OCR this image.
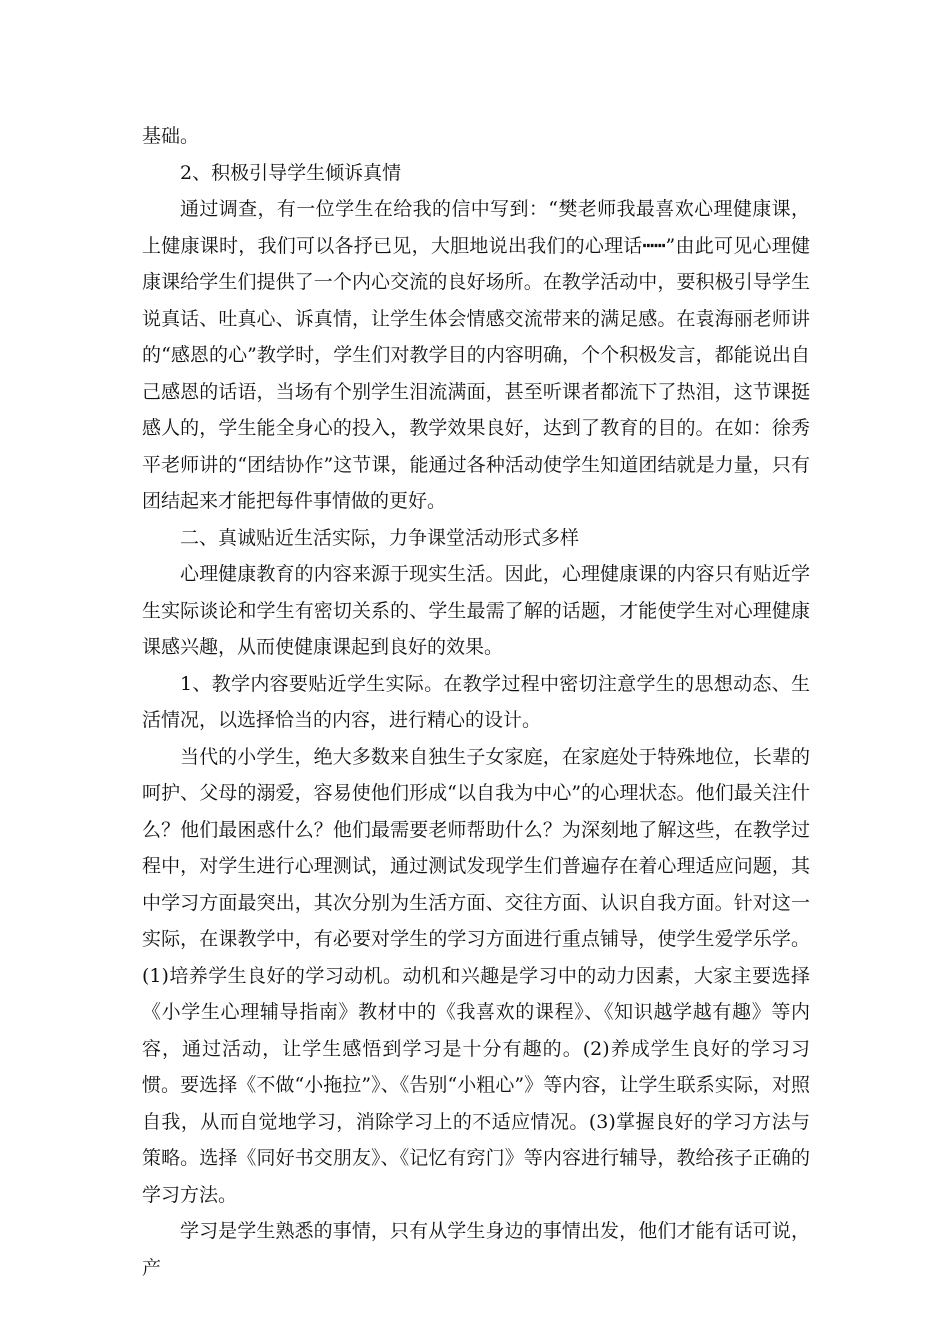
基础。

2、积极引导学生倾诉真情

通过调查，有一位学生在给我的信中写到：“樊老师我最喜欢心理健康课，上健康课时，我们可以各抒已见，大胆地说出我们的心理话┅┅”由此可见心理健康课给学生们提供了一个内心交流的良好场所。在教学活动中，要积极引导学生说真话、吐真心、诉真情，让学生体会情感交流带来的满足感。在袁海丽老师讲的“感恩的心”教学时，学生们对教学目的内容明确，个个积极发言，都能说出自己感恩的话语，当场有个别学生泪流满面，甚至听课者都流下了热泪，这节课挺感人的，学生能全身心的投入，教学效果良好，达到了教育的目的。在如：徐秀平老师讲的“团结协作”这节课，能通过各种活动使学生知道团结就是力量，只有团结起来才能把每件事情做的更好。

二、真诚贴近生活实际，力争课堂活动形式多样

心理健康教育的内容来源于现实生活。因此，心理健康课的内容只有贴近学生实际谈论和学生有密切关系的、学生最需了解的话题，才能使学生对心理健康课感兴趣，从而使健康课起到良好的效果。

1、教学内容要贴近学生实际。在教学过程中密切注意学生的思想动态、生活情况，以选择恰当的内容，进行精心的设计。

当代的小学生，绝大多数来自独生子女家庭，在家庭处于特殊地位，长辈的呵护、父母的溺爱，容易使他们形成“以自我为中心”的心理状态。他们最关注什么？他们最困惑什么？他们最需要老师帮助什么？为深刻地了解这些，在教学过程中，对学生进行心理测试，通过测试发现学生们普遍存在着心理适应问题，其中学习方面最突出，其次分别为生活方面、交往方面、认识自我方面。针对这一实际，在课教学中，有必要对学生的学习方面进行重点铺导，使学生爱学乐学。(1)培养学生良好的学习动机。动机和兴趣是学习中的动力因素，大家主要选择《小学生心理辅导指南》教材中的《我喜欢的课程》、《知识越学越有趣》等内容，通过活动，让学生感悟到学习是十分有趣的。(2)养成学生良好的学习习惯。要选择《不做“小拖拉”》、《告别“小粗心”》等内容，让学生联系实际，对照自我，从而自觉地学习，消除学习上的不适应情况。(3)掌握良好的学习方法与策略。选择《同好书交朋友》、《记忆有窍门》等内容进行辅导，教给孩子正确的学习方法。

学习是学生熟悉的事情，只有从学生身边的事情出发，他们才能有话可说，产
